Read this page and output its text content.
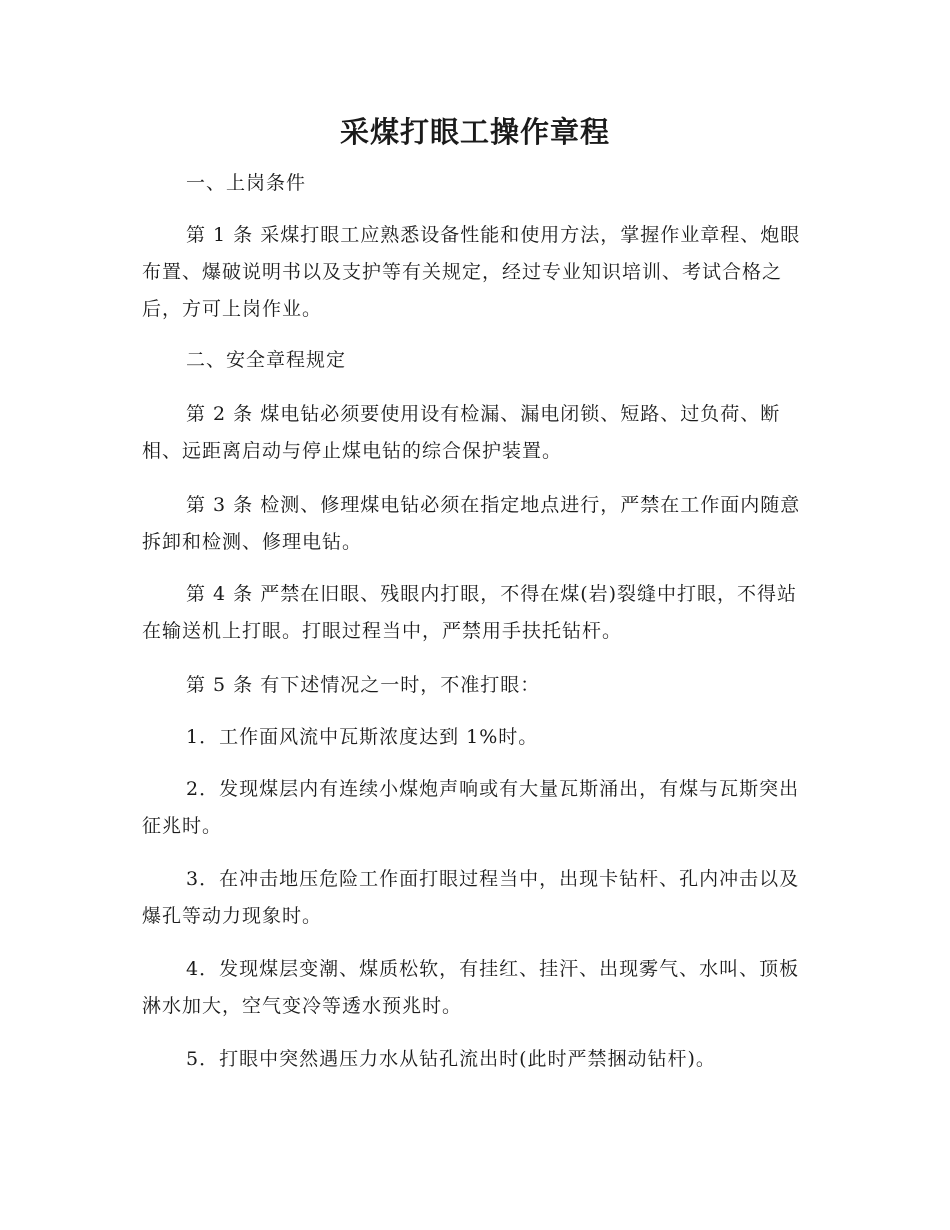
采煤打眼工操作章程
一、上岗条件
第 1 条 采煤打眼工应熟悉设备性能和使用方法，掌握作业章程、炮眼布置、爆破说明书以及支护等有关规定，经过专业知识培训、考试合格之后，方可上岗作业。
二、安全章程规定
第 2 条 煤电钻必须要使用设有检漏、漏电闭锁、短路、过负荷、断相、远距离启动与停止煤电钻的综合保护装置。
第 3 条 检测、修理煤电钻必须在指定地点进行，严禁在工作面内随意拆卸和检测、修理电钻。
第 4 条 严禁在旧眼、残眼内打眼，不得在煤(岩)裂缝中打眼，不得站在输送机上打眼。打眼过程当中，严禁用手扶托钻杆。
第 5 条 有下述情况之一时，不准打眼：
1．工作面风流中瓦斯浓度达到 1%时。
2．发现煤层内有连续小煤炮声响或有大量瓦斯涌出，有煤与瓦斯突出征兆时。
3．在冲击地压危险工作面打眼过程当中，出现卡钻杆、孔内冲击以及爆孔等动力现象时。
4．发现煤层变潮、煤质松软，有挂红、挂汗、出现雾气、水叫、顶板淋水加大，空气变冷等透水预兆时。
5．打眼中突然遇压力水从钻孔流出时(此时严禁捆动钻杆)。
